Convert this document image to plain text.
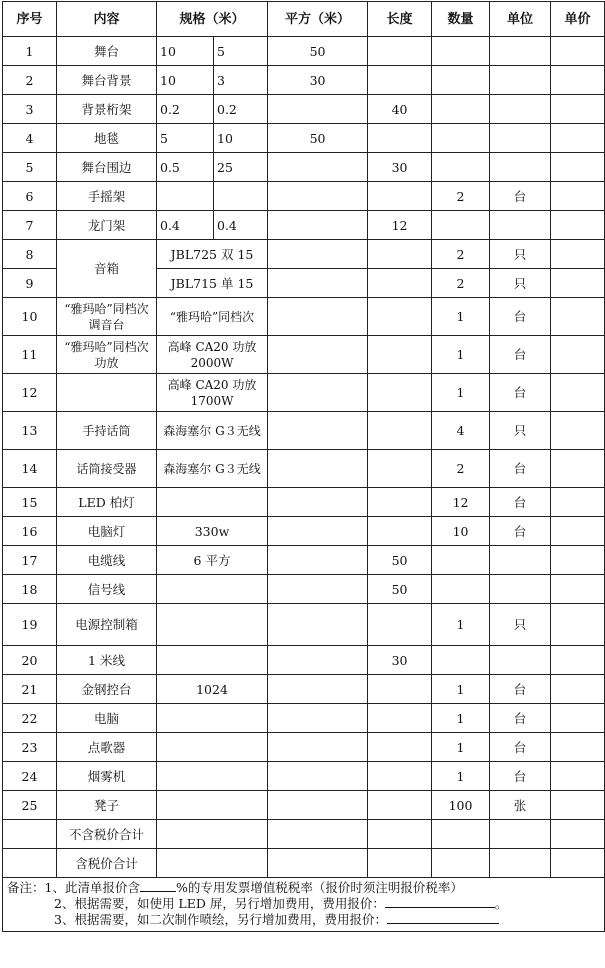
序号	内容	规格（米）		平方（米）	长度	数量	单位	单价
1	舞台	10	5	50				
2	舞台背景	10	3	30				
3	背景桁架	0.2	0.2		40			
4	地毯	5	10	50				
5	舞台围边	0.5	25		30			
6	手摇架					2	台	
7	龙门架	0.4	0.4		12			
8	音箱	JBL725 双 15				2	只	
9		JBL715 单 15				2	只	
10	“雅玛哈”同档次调音台	“雅玛哈”同档次				1	台	
11	“雅玛哈”同档次功放	高峰 CA20 功放 2000W				1	台	
12		高峰 CA20 功放 1700W				1	台	
13	手持话筒	森海塞尔 G３无线				4	只	
14	话筒接受器	森海塞尔 G３无线				2	台	
15	LED 柏灯					12	台	
16	电脑灯	330w				10	台	
17	电缆线	6 平方			50			
18	信号线				50			
19	电源控制箱					1	只	
20	1 米线				30			
21	金钢控台	1024				1	台	
22	电脑					1	台	
23	点歌器					1	台	
24	烟雾机					1	台	
25	凳子					100	张	
	不含税价合计							
	含税价合计							

备注：1、此清单报价含 %的专用发票增值税税率（报价时须注明报价税率）
2、根据需要，如使用 LED 屏，另行增加费用，费用报价： 。
3、根据需要，如二次制作喷绘，另行增加费用，费用报价：								
